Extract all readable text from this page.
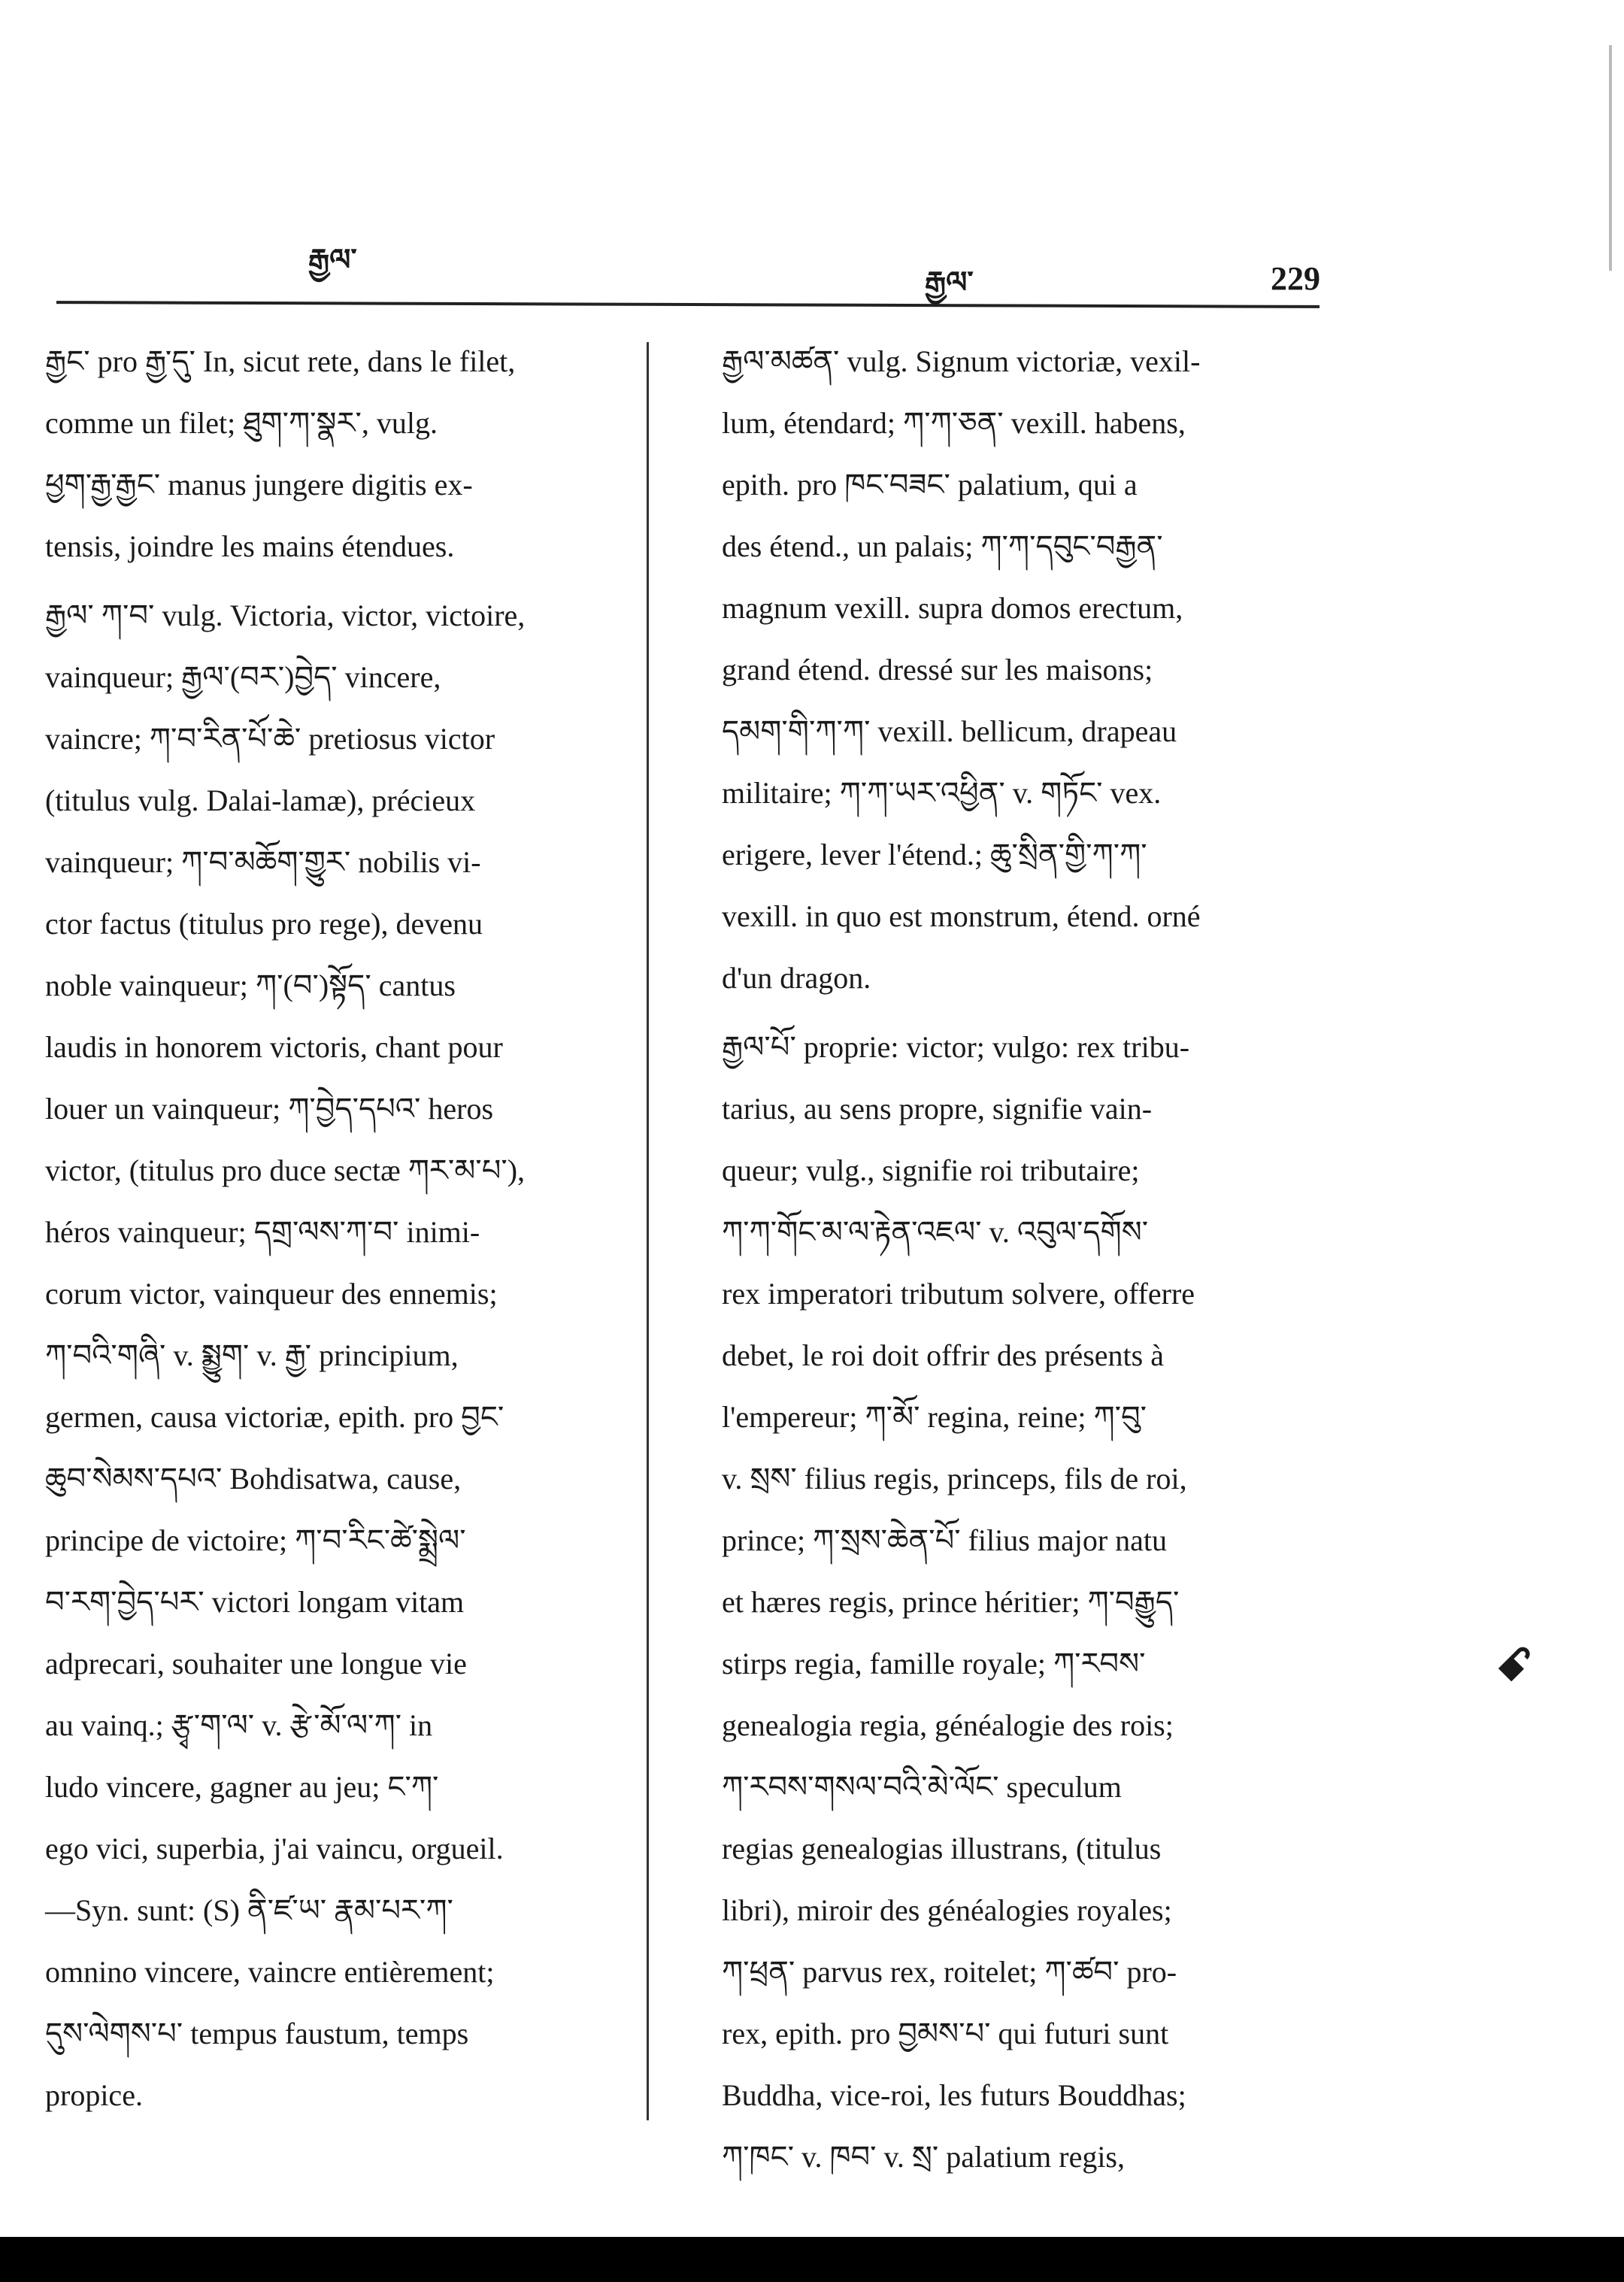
རྒྱལ་
རྒྱལ་	229
རྒྱང་ pro རྒྱ་དུ་ In, sicut rete, dans le filet,
comme un filet; ཐུག་ཀ་སྣར་, vulg.
ཕྱག་རྒྱ་རྒྱང་ manus jungere digitis ex-
tensis, joindre les mains étendues.
རྒྱལ་ ཀ་བ་ vulg. Victoria, victor, victoire,
vainqueur; རྒྱལ་(བར་)བྱེད་ vincere,
vaincre; ཀ་བ་རིན་པོ་ཆེ་ pretiosus victor
(titulus vulg. Dalai-lamæ), précieux
vainqueur; ཀ་བ་མཆོག་གྱུར་ nobilis vi-
ctor factus (titulus pro rege), devenu
noble vainqueur; ཀ་(བ་)སྟོད་ cantus
laudis in honorem victoris, chant pour
louer un vainqueur; ཀ་བྱེད་དཔའ་ heros
victor, (titulus pro duce sectæ ཀར་མ་པ་),
héros vainqueur; དགྲ་ལས་ཀ་བ་ inimi-
corum victor, vainqueur des ennemis;
ཀ་བའི་གཞི་ v. སྨྱུག་ v. རྒྱ་ principium,
germen, causa victoriæ, epith. pro བྱང་
ཆུབ་སེམས་དཔའ་ Bohdisatwa, cause,
principe de victoire; ཀ་བ་རིང་ཚེ་སྨྲེལ་
བ་རག་བྱེད་པར་ victori longam vitam
adprecari, souhaiter une longue vie
au vainq.; རྩྭ་ག་ལ་ v. རྩེ་མོ་ལ་ཀ་ in
ludo vincere, gagner au jeu; ང་ཀ་
ego vici, superbia, j'ai vaincu, orgueil.
—Syn. sunt: (S) ནི་ཛ་ཡ་ རྣམ་པར་ཀ་
omnino vincere, vaincre entièrement;
དུས་ལེགས་པ་ tempus faustum, temps
propice.
རྒྱལ་མཚན་ vulg. Signum victoriæ, vexil-
lum, étendard; ཀ་ཀ་ཅན་ vexill. habens,
epith. pro ཁང་བཟང་ palatium, qui a
des étend., un palais; ཀ་ཀ་དབུང་བརྒྱན་
magnum vexill. supra domos erectum,
grand étend. dressé sur les maisons;
དམག་གི་ཀ་ཀ་ vexill. bellicum, drapeau
militaire; ཀ་ཀ་ཡར་འཕྱིན་ v. གཏོང་ vex.
erigere, lever l'étend.; ཆུ་སྲིན་གྱི་ཀ་ཀ་
vexill. in quo est monstrum, étend. orné
d'un dragon.
རྒྱལ་པོ་ proprie: victor; vulgo: rex tribu-
tarius, au sens propre, signifie vain-
queur; vulg., signifie roi tributaire;
ཀ་ཀ་གོང་མ་ལ་རྟེན་འཇལ་ v. འབུལ་དགོས་
rex imperatori tributum solvere, offerre
debet, le roi doit offrir des présents à
l'empereur; ཀ་མོ་ regina, reine; ཀ་བུ་
v. སྲས་ filius regis, princeps, fils de roi,
prince; ཀ་སྲས་ཆེན་པོ་ filius major natu
et hæres regis, prince héritier; ཀ་བརྒྱུད་
stirps regia, famille royale; ཀ་རབས་
genealogia regia, généalogie des rois;
ཀ་རབས་གསལ་བའི་མེ་ལོང་ speculum
regias genealogias illustrans, (titulus
libri), miroir des généalogies royales;
ཀ་ཕྲན་ parvus rex, roitelet; ཀ་ཚབ་ pro-
rex, epith. pro བྱམས་པ་ qui futuri sunt
Buddha, vice-roi, les futurs Bouddhas;
ཀ་ཁང་ v. ཁབ་ v. སྲ་ palatium regis,
ꗃ
